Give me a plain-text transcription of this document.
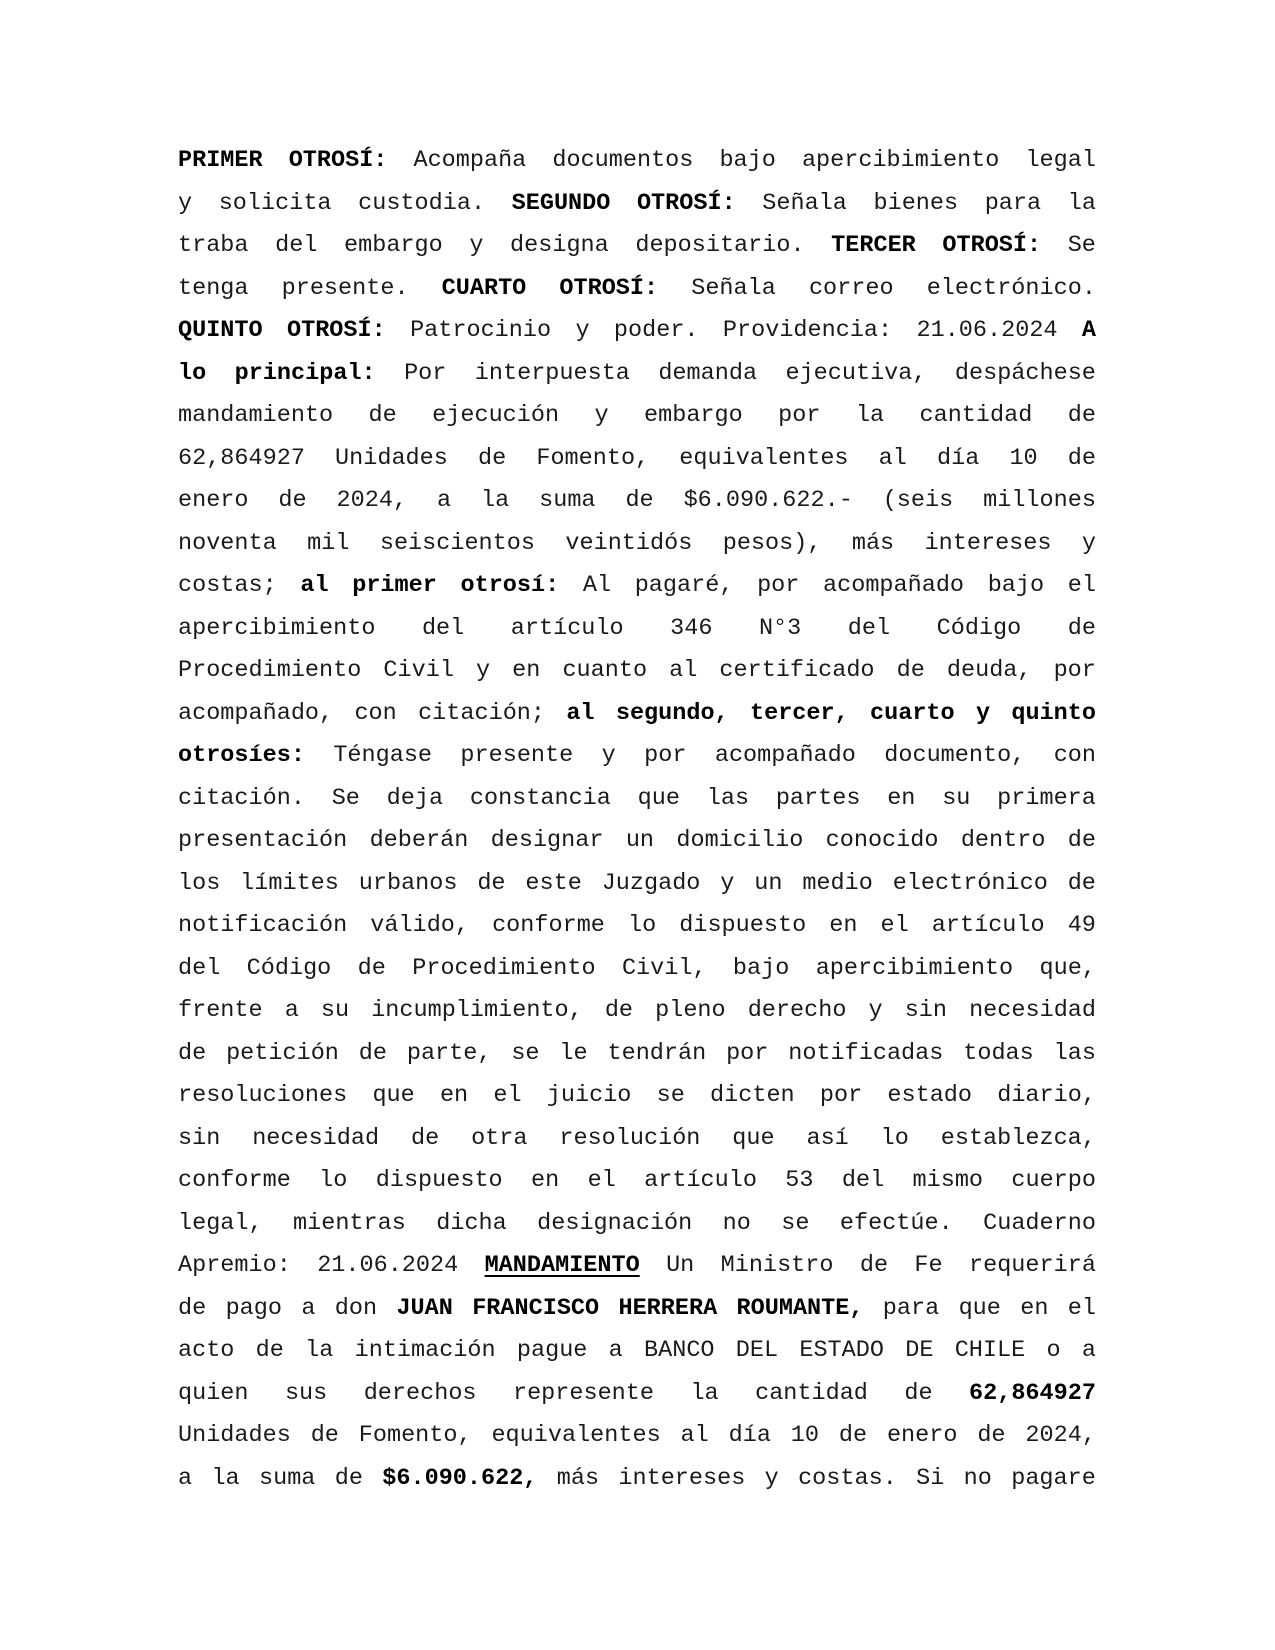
PRIMER OTROSÍ: Acompaña documentos bajo apercibimiento legal
y solicita custodia. SEGUNDO OTROSÍ: Señala bienes para la
traba del embargo y designa depositario. TERCER OTROSÍ: Se
tenga presente. CUARTO OTROSÍ: Señala correo electrónico.
QUINTO OTROSÍ: Patrocinio y poder. Providencia: 21.06.2024 A
lo principal: Por interpuesta demanda ejecutiva, despáchese
mandamiento de ejecución y embargo por la cantidad de
62,864927 Unidades de Fomento, equivalentes al día 10 de
enero de 2024, a la suma de $6.090.622.- (seis millones
noventa mil seiscientos veintidós pesos), más intereses y
costas; al primer otrosí: Al pagaré, por acompañado bajo el
apercibimiento del artículo 346 N°3 del Código de
Procedimiento Civil y en cuanto al certificado de deuda, por
acompañado, con citación; al segundo, tercer, cuarto y quinto
otrosíes: Téngase presente y por acompañado documento, con
citación. Se deja constancia que las partes en su primera
presentación deberán designar un domicilio conocido dentro de
los límites urbanos de este Juzgado y un medio electrónico de
notificación válido, conforme lo dispuesto en el artículo 49
del Código de Procedimiento Civil, bajo apercibimiento que,
frente a su incumplimiento, de pleno derecho y sin necesidad
de petición de parte, se le tendrán por notificadas todas las
resoluciones que en el juicio se dicten por estado diario,
sin necesidad de otra resolución que así lo establezca,
conforme lo dispuesto en el artículo 53 del mismo cuerpo
legal, mientras dicha designación no se efectúe. Cuaderno
Apremio: 21.06.2024 MANDAMIENTO Un Ministro de Fe requerirá
de pago a don JUAN FRANCISCO HERRERA ROUMANTE, para que en el
acto de la intimación pague a BANCO DEL ESTADO DE CHILE o a
quien sus derechos represente la cantidad de 62,864927
Unidades de Fomento, equivalentes al día 10 de enero de 2024,
a la suma de $6.090.622, más intereses y costas. Si no pagare
